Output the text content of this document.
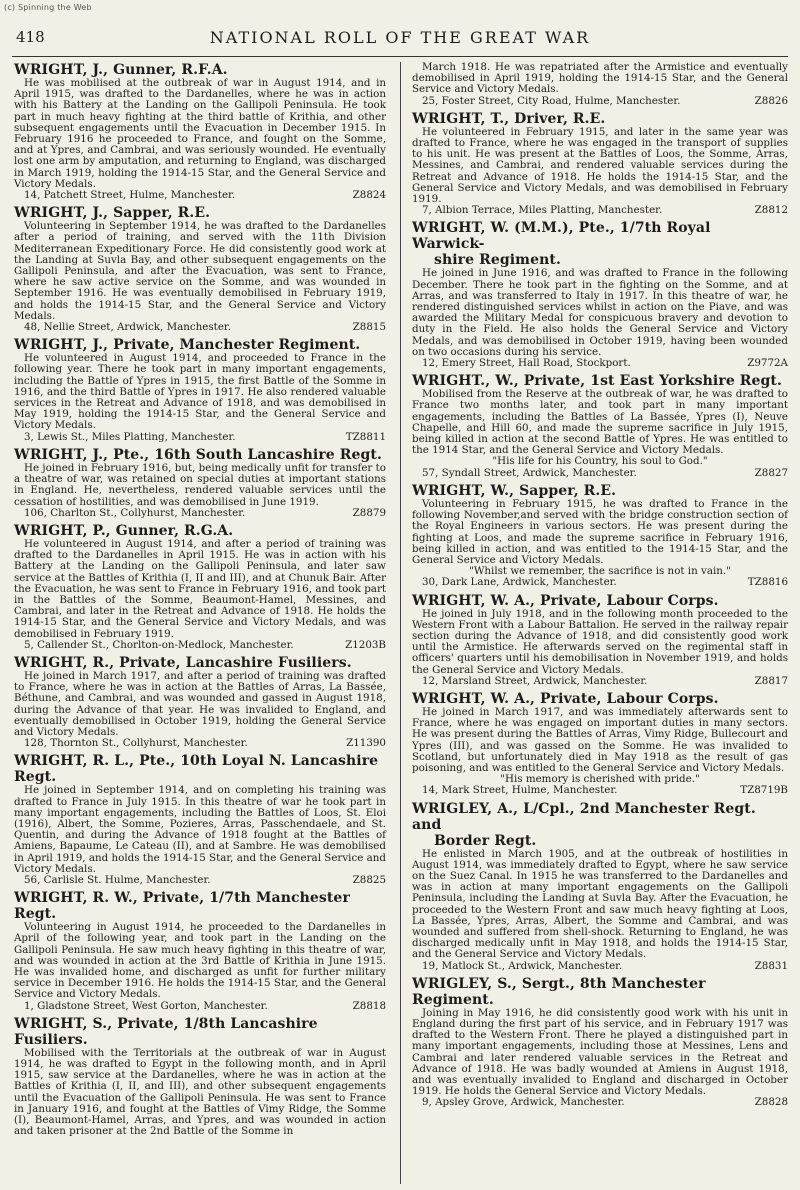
(c) Spinning the Web
418	NATIONAL ROLL OF THE GREAT WAR
WRIGHT, J., Gunner, R.F.A.
He was mobilised at the outbreak of war in August 1914, and in April 1915, was drafted to the Dardanelles, where he was in action with his Battery at the Landing on the Gallipoli Peninsula. He took part in much heavy fighting at the third battle of Krithia, and other subsequent engagements until the Evacuation in December 1915. In February 1916 he proceeded to France, and fought on the Somme, and at Ypres, and Cambrai, and was seriously wounded. He eventually lost one arm by amputation, and returning to England, was discharged in March 1919, holding the 1914-15 Star, and the General Service and Victory Medals.
14, Patchett Street, Hulme, Manchester.	Z8824
WRIGHT, J., Sapper, R.E.
Volunteering in September 1914, he was drafted to the Dardanelles after a period of training, and served with the 11th Division Mediterranean Expeditionary Force. He did consistently good work at the Landing at Suvla Bay, and other subsequent engagements on the Gallipoli Peninsula, and after the Evacuation, was sent to France, where he saw active service on the Somme, and was wounded in September 1916. He was eventually demobilised in February 1919, and holds the 1914-15 Star, and the General Service and Victory Medals.
48, Nellie Street, Ardwick, Manchester.	Z8815
WRIGHT, J., Private, Manchester Regiment.
He volunteered in August 1914, and proceeded to France in the following year. There he took part in many important engagements, including the Battle of Ypres in 1915, the first Battle of the Somme in 1916, and the third Battle of Ypres in 1917. He also rendered valuable services in the Retreat and Advance of 1918, and was demobilised in May 1919, holding the 1914-15 Star, and the General Service and Victory Medals.
3, Lewis St., Miles Platting, Manchester.	TZ8811
WRIGHT, J., Pte., 16th South Lancashire Regt.
He joined in February 1916, but, being medically unfit for transfer to a theatre of war, was retained on special duties at important stations in England. He, nevertheless, rendered valuable services until the cessation of hostilities, and was demobilised in June 1919.
106, Charlton St., Collyhurst, Manchester.	Z8879
WRIGHT, P., Gunner, R.G.A.
He volunteered in August 1914, and after a period of training was drafted to the Dardanelles in April 1915. He was in action with his Battery at the Landing on the Gallipoli Peninsula, and later saw service at the Battles of Krithia (I, II and III), and at Chunuk Bair. After the Evacuation, he was sent to France in February 1916, and took part in the Battles of the Somme, Beaumont-Hamel, Messines, and Cambrai, and later in the Retreat and Advance of 1918. He holds the 1914-15 Star, and the General Service and Victory Medals, and was demobilised in February 1919.
5, Callender St., Chorlton-on-Medlock, Manchester.	Z1203B
WRIGHT, R., Private, Lancashire Fusiliers.
He joined in March 1917, and after a period of training was drafted to France, where he was in action at the Battles of Arras, La Bassée, Béthune, and Cambrai, and was wounded and gassed in August 1918, during the Advance of that year. He was invalided to England, and eventually demobilised in October 1919, holding the General Service and Victory Medals.
128, Thornton St., Collyhurst, Manchester.	Z11390
WRIGHT, R. L., Pte., 10th Loyal N. Lancashire Regt.
He joined in September 1914, and on completing his training was drafted to France in July 1915. In this theatre of war he took part in many important engagements, including the Battles of Loos, St. Eloi (1916), Albert, the Somme, Pozieres, Arras, Passchendaele, and St. Quentin, and during the Advance of 1918 fought at the Battles of Amiens, Bapaume, Le Cateau (II), and at Sambre. He was demobilised in April 1919, and holds the 1914-15 Star, and the General Service and Victory Medals.
56, Carlisle St. Hulme, Manchester.	Z8825
WRIGHT, R. W., Private, 1/7th Manchester Regt.
Volunteering in August 1914, he proceeded to the Dardanelles in April of the following year, and took part in the Landing on the Gallipoli Peninsula. He saw much heavy fighting in this theatre of war, and was wounded in action at the 3rd Battle of Krithia in June 1915. He was invalided home, and discharged as unfit for further military service in December 1916. He holds the 1914-15 Star, and the General Service and Victory Medals.
1, Gladstone Street, West Gorton, Manchester.	Z8818
WRIGHT, S., Private, 1/8th Lancashire Fusiliers.
Mobilised with the Territorials at the outbreak of war in August 1914, he was drafted to Egypt in the following month, and in April 1915, saw service at the Dardanelles, where he was in action at the Battles of Krithia (I, II, and III), and other subsequent engagements until the Evacuation of the Gallipoli Peninsula. He was sent to France in January 1916, and fought at the Battles of Vimy Ridge, the Somme (I), Beaumont-Hamel, Arras, and Ypres, and was wounded in action and taken prisoner at the 2nd Battle of the Somme in
March 1918. He was repatriated after the Armistice and eventually demobilised in April 1919, holding the 1914-15 Star, and the General Service and Victory Medals.
25, Foster Street, City Road, Hulme, Manchester.	Z8826
WRIGHT, T., Driver, R.E.
He volunteered in February 1915, and later in the same year was drafted to France, where he was engaged in the transport of supplies to his unit. He was present at the Battles of Loos, the Somme, Arras, Messines, and Cambrai, and rendered valuable services during the Retreat and Advance of 1918. He holds the 1914-15 Star, and the General Service and Victory Medals, and was demobilised in February 1919.
7, Albion Terrace, Miles Platting, Manchester.	Z8812
WRIGHT, W. (M.M.), Pte., 1/7th Royal Warwick-
shire Regiment.
He joined in June 1916, and was drafted to France in the following December. There he took part in the fighting on the Somme, and at Arras, and was transferred to Italy in 1917. In this theatre of war, he rendered distinguished services whilst in action on the Piave, and was awarded the Military Medal for conspicuous bravery and devotion to duty in the Field. He also holds the General Service and Victory Medals, and was demobilised in October 1919, having been wounded on two occasions during his service.
12, Emery Street, Hall Road, Stockport.	Z9772A
WRIGHT., W., Private, 1st East Yorkshire Regt.
Mobilised from the Reserve at the outbreak of war, he was drafted to France two months later, and took part in many important engagements, including the Battles of La Bassée, Ypres (I), Neuve Chapelle, and Hill 60, and made the supreme sacrifice in July 1915, being killed in action at the second Battle of Ypres. He was entitled to the 1914 Star, and the General Service and Victory Medals.
"His life for his Country, his soul to God."
57, Syndall Street, Ardwick, Manchester.	Z8827
WRIGHT, W., Sapper, R.E.
Volunteering in February 1915, he was drafted to France in the following November,and served with the bridge construction section of the Royal Engineers in various sectors. He was present during the fighting at Loos, and made the supreme sacrifice in February 1916, being killed in action, and was entitled to the 1914-15 Star, and the General Service and Victory Medals.
"Whilst we remember, the sacrifice is not in vain."
30, Dark Lane, Ardwick, Manchester.	TZ8816
WRIGHT, W. A., Private, Labour Corps.
He joined in July 1918, and in the following month proceeded to the Western Front with a Labour Battalion. He served in the railway repair section during the Advance of 1918, and did consistently good work until the Armistice. He afterwards served on the regimental staff in officers' quarters until his demobilisation in November 1919, and holds the General Service and Victory Medals.
12, Marsland Street, Ardwick, Manchester.	Z8817
WRIGHT, W. A., Private, Labour Corps.
He joined in March 1917, and was immediately afterwards sent to France, where he was engaged on important duties in many sectors. He was present during the Battles of Arras, Vimy Ridge, Bullecourt and Ypres (III), and was gassed on the Somme. He was invalided to Scotland, but unfortunately died in May 1918 as the result of gas poisoning, and was entitled to the General Service and Victory Medals.
"His memory is cherished with pride."
14, Mark Street, Hulme, Manchester.	TZ8719B
WRIGLEY, A., L/Cpl., 2nd Manchester Regt. and
Border Regt.
He enlisted in March 1905, and at the outbreak of hostilities in August 1914, was immediately drafted to Egypt, where he saw service on the Suez Canal. In 1915 he was transferred to the Dardanelles and was in action at many important engagements on the Gallipoli Peninsula, including the Landing at Suvla Bay. After the Evacuation, he proceeded to the Western Front and saw much heavy fighting at Loos, La Bassée, Ypres, Arras, Albert, the Somme and Cambrai, and was wounded and suffered from shell-shock. Returning to England, he was discharged medically unfit in May 1918, and holds the 1914-15 Star, and the General Service and Victory Medals.
19, Matlock St., Ardwick, Manchester.	Z8831
WRIGLEY, S., Sergt., 8th Manchester Regiment.
Joining in May 1916, he did consistently good work with his unit in England during the first part of his service, and in February 1917 was drafted to the Western Front. There he played a distinguished part in many important engagements, including those at Messines, Lens and Cambrai and later rendered valuable services in the Retreat and Advance of 1918. He was badly wounded at Amiens in August 1918, and was eventually invalided to England and discharged in October 1919. He holds the General Service and Victory Medals.
9, Apsley Grove, Ardwick, Manchester.	Z8828
